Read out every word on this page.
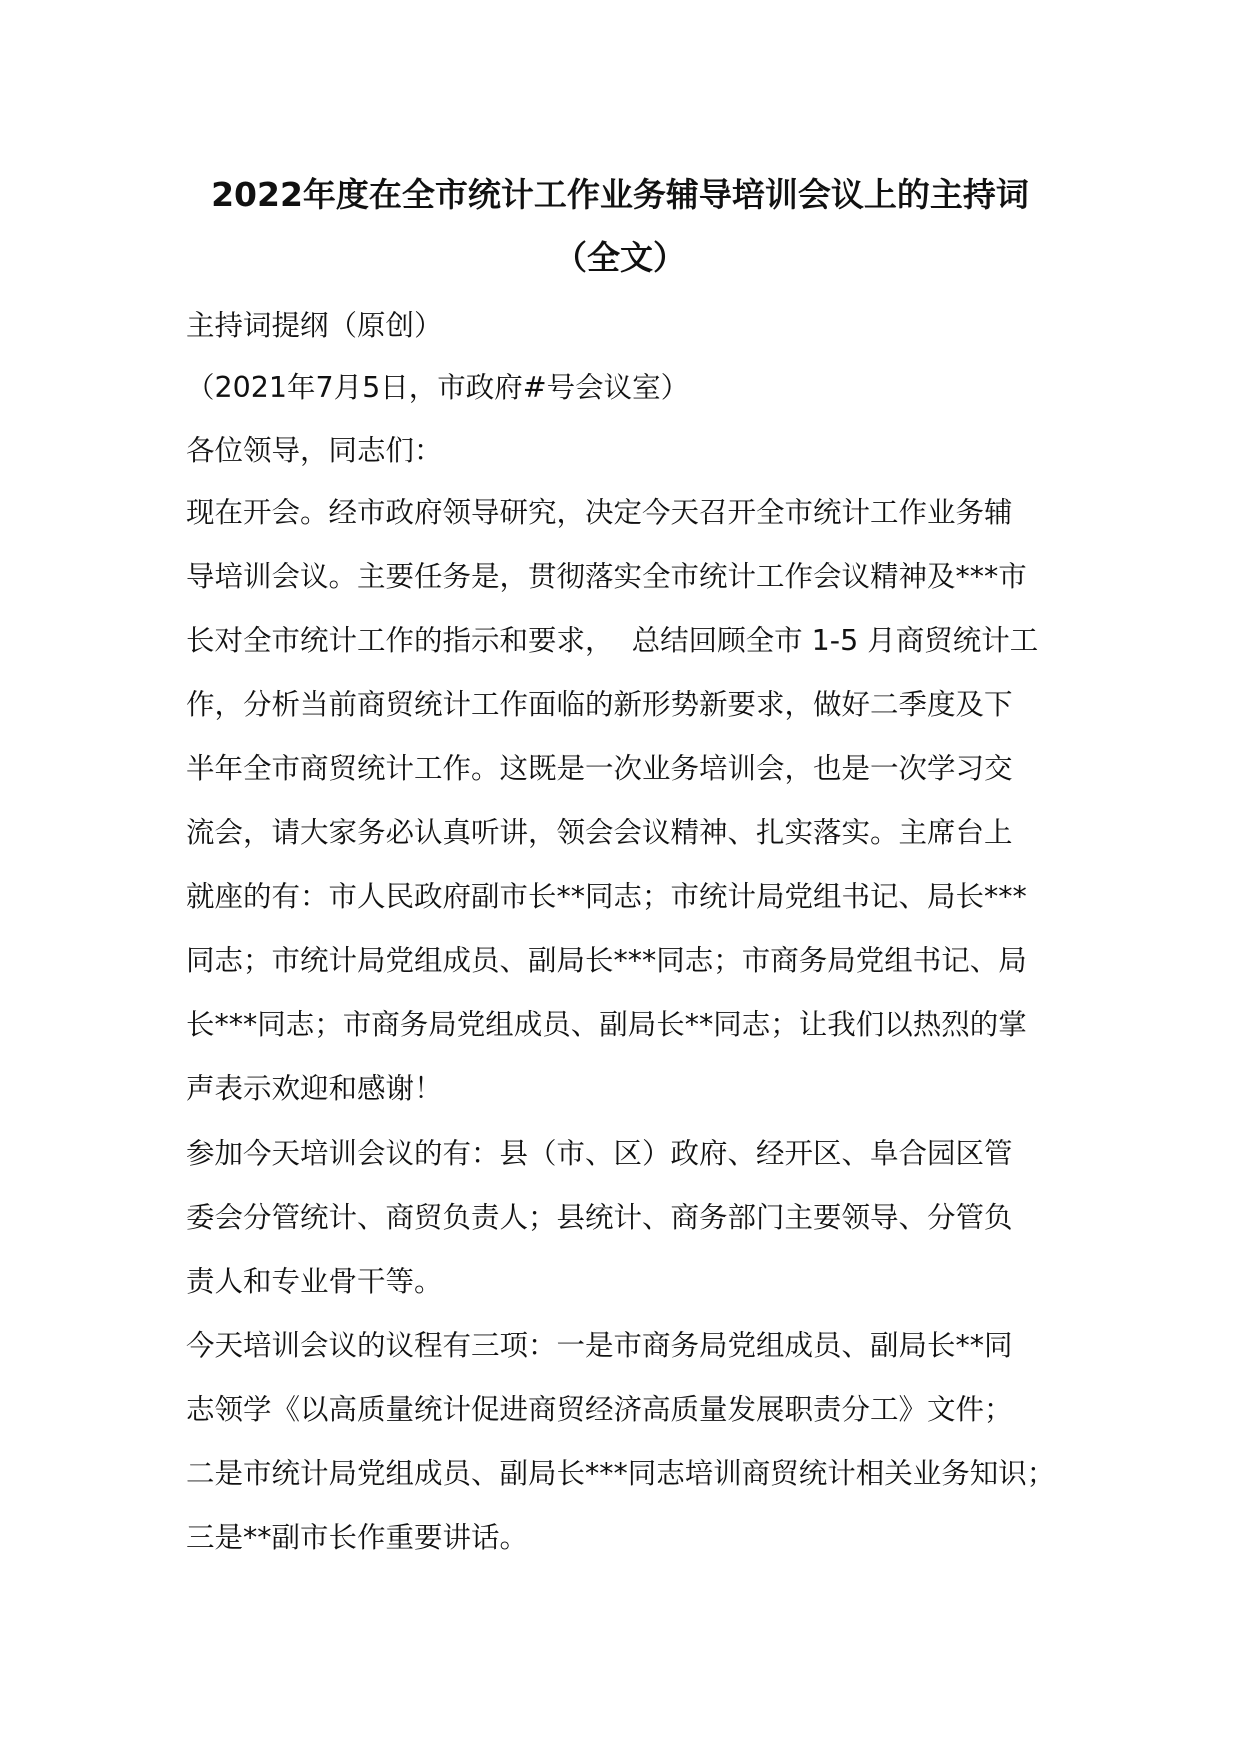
2022年度在全市统计工作业务辅导培训会议上的主持词
（全文）
主持词提纲（原创）
（2021年7月5日，市政府#号会议室）
各位领导，同志们：
现在开会。经市政府领导研究，决定今天召开全市统计工作业务辅
导培训会议。主要任务是，贯彻落实全市统计工作会议精神及***市
长对全市统计工作的指示和要求，  总结回顾全市 1-5 月商贸统计工
作，分析当前商贸统计工作面临的新形势新要求，做好二季度及下
半年全市商贸统计工作。这既是一次业务培训会，也是一次学习交
流会，请大家务必认真听讲，领会会议精神、扎实落实。主席台上
就座的有：市人民政府副市长**同志；市统计局党组书记、局长***
同志；市统计局党组成员、副局长***同志；市商务局党组书记、局
长***同志；市商务局党组成员、副局长**同志；让我们以热烈的掌
声表示欢迎和感谢！
参加今天培训会议的有：县（市、区）政府、经开区、阜合园区管
委会分管统计、商贸负责人；县统计、商务部门主要领导、分管负
责人和专业骨干等。
今天培训会议的议程有三项：一是市商务局党组成员、副局长**同
志领学《以高质量统计促进商贸经济高质量发展职责分工》文件；
二是市统计局党组成员、副局长***同志培训商贸统计相关业务知识；
三是**副市长作重要讲话。
